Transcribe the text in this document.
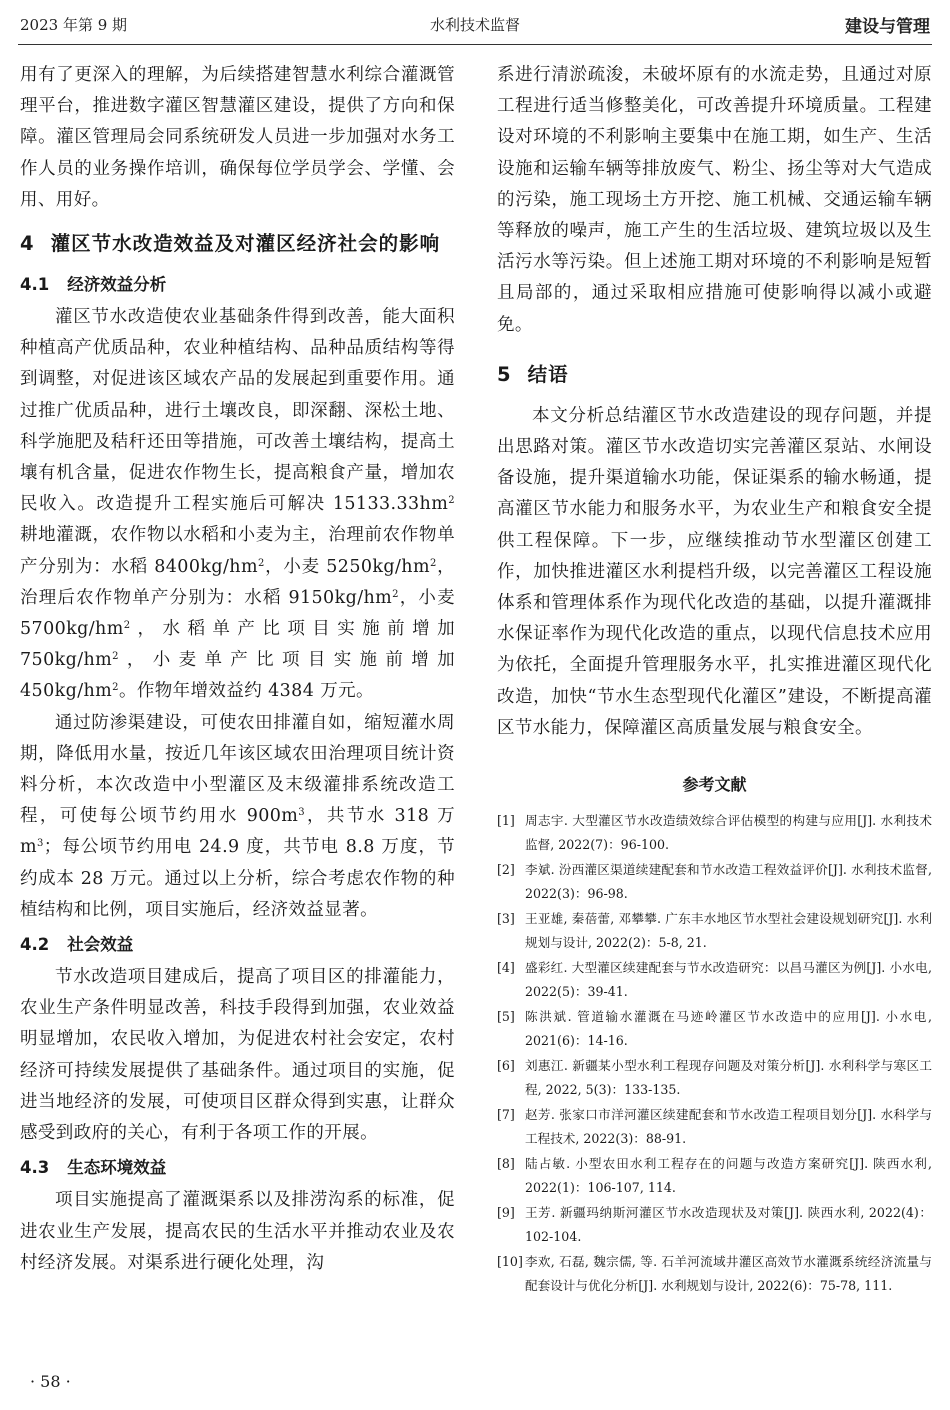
2023 年第 9 期	水利技术监督	建设与管理

用有了更深入的理解，为后续搭建智慧水利综合灌溉管理平台，推进数字灌区智慧灌区建设，提供了方向和保障。灌区管理局会同系统研发人员进一步加强对水务工作人员的业务操作培训，确保每位学员学会、学懂、会用、用好。

4 灌区节水改造效益及对灌区经济社会的影响
4.1 经济效益分析

灌区节水改造使农业基础条件得到改善，能大面积种植高产优质品种，农业种植结构、品种品质结构等得到调整，对促进该区域农产品的发展起到重要作用。通过推广优质品种，进行土壤改良，即深翻、深松土地、科学施肥及秸秆还田等措施，可改善土壤结构，提高土壤有机含量，促进农作物生长，提高粮食产量，增加农民收入。改造提升工程实施后可解决 $15133.33hm^2$ 耕地灌溉，农作物以水稻和小麦为主，治理前农作物单产分别为：水稻 $8400kg/hm^2$，小麦 $5250kg/hm^2$，治理后农作物单产分别为：水稻 $9150kg/hm^2$，小麦 $5700kg/hm^2$，水稻单产比项目实施前增加 $750kg/hm^2$，小麦单产比项目实施前增加 $450kg/hm^2$。作物年增效益约 4384 万元。

通过防渗渠建设，可使农田排灌自如，缩短灌水周期，降低用水量，按近几年该区域农田治理项目统计资料分析，本次改造中小型灌区及末级灌排系统改造工程，可使每公顷节约用水 $900m^3$，共节水 318 万 $m^3$；每公顷节约用电 24.9 度，共节电 8.8 万度，节约成本 28 万元。通过以上分析，综合考虑农作物的种植结构和比例，项目实施后，经济效益显著。

4.2 社会效益

节水改造项目建成后，提高了项目区的排灌能力，农业生产条件明显改善，科技手段得到加强，农业效益明显增加，农民收入增加，为促进农村社会安定，农村经济可持续发展提供了基础条件。通过项目的实施，促进当地经济的发展，可使项目区群众得到实惠，让群众感受到政府的关心，有利于各项工作的开展。

4.3 生态环境效益

项目实施提高了灌溉渠系以及排涝沟系的标准，促进农业生产发展，提高农民的生活水平并推动农业及农村经济发展。对渠系进行硬化处理，沟

系进行清淤疏浚，未破坏原有的水流走势，且通过对原工程进行适当修整美化，可改善提升环境质量。工程建设对环境的不利影响主要集中在施工期，如生产、生活设施和运输车辆等排放废气、粉尘、扬尘等对大气造成的污染，施工现场土方开挖、施工机械、交通运输车辆等释放的噪声，施工产生的生活垃圾、建筑垃圾以及生活污水等污染。但上述施工期对环境的不利影响是短暂且局部的，通过采取相应措施可使影响得以减小或避免。

5 结语

本文分析总结灌区节水改造建设的现存问题，并提出思路对策。灌区节水改造切实完善灌区泵站、水闸设备设施，提升渠道输水功能，保证渠系的输水畅通，提高灌区节水能力和服务水平，为农业生产和粮食安全提供工程保障。下一步，应继续推动节水型灌区创建工作，加快推进灌区水利提档升级，以完善灌区工程设施体系和管理体系作为现代化改造的基础，以提升灌溉排水保证率作为现代化改造的重点，以现代信息技术应用为依托，全面提升管理服务水平，扎实推进灌区现代化改造，加快“节水生态型现代化灌区”建设，不断提高灌区节水能力，保障灌区高质量发展与粮食安全。

参考文献
[1] 周志宇. 大型灌区节水改造绩效综合评估模型的构建与应用[J]. 水利技术监督, 2022(7)：96-100.
[2] 李斌. 汾西灌区渠道续建配套和节水改造工程效益评价[J]. 水利技术监督, 2022(3)：96-98.
[3] 王亚雄, 秦蓓蕾, 邓攀攀. 广东丰水地区节水型社会建设规划研究[J]. 水利规划与设计, 2022(2)：5-8, 21.
[4] 盛彩红. 大型灌区续建配套与节水改造研究：以昌马灌区为例[J]. 小水电, 2022(5)：39-41.
[5] 陈洪斌. 管道输水灌溉在马迹岭灌区节水改造中的应用[J]. 小水电, 2021(6)：14-16.
[6] 刘惠江. 新疆某小型水利工程现存问题及对策分析[J]. 水利科学与寒区工程, 2022, 5(3)：133-135.
[7] 赵芳. 张家口市洋河灌区续建配套和节水改造工程项目划分[J]. 水科学与工程技术, 2022(3)：88-91.
[8] 陆占敏. 小型农田水利工程存在的问题与改造方案研究[J]. 陕西水利, 2022(1)：106-107, 114.
[9] 王芳. 新疆玛纳斯河灌区节水改造现状及对策[J]. 陕西水利, 2022(4)：102-104.
[10] 李欢, 石磊, 魏宗儒, 等. 石羊河流域井灌区高效节水灌溉系统经济流量与配套设计与优化分析[J]. 水利规划与设计, 2022(6)：75-78, 111.
· 58 ·
